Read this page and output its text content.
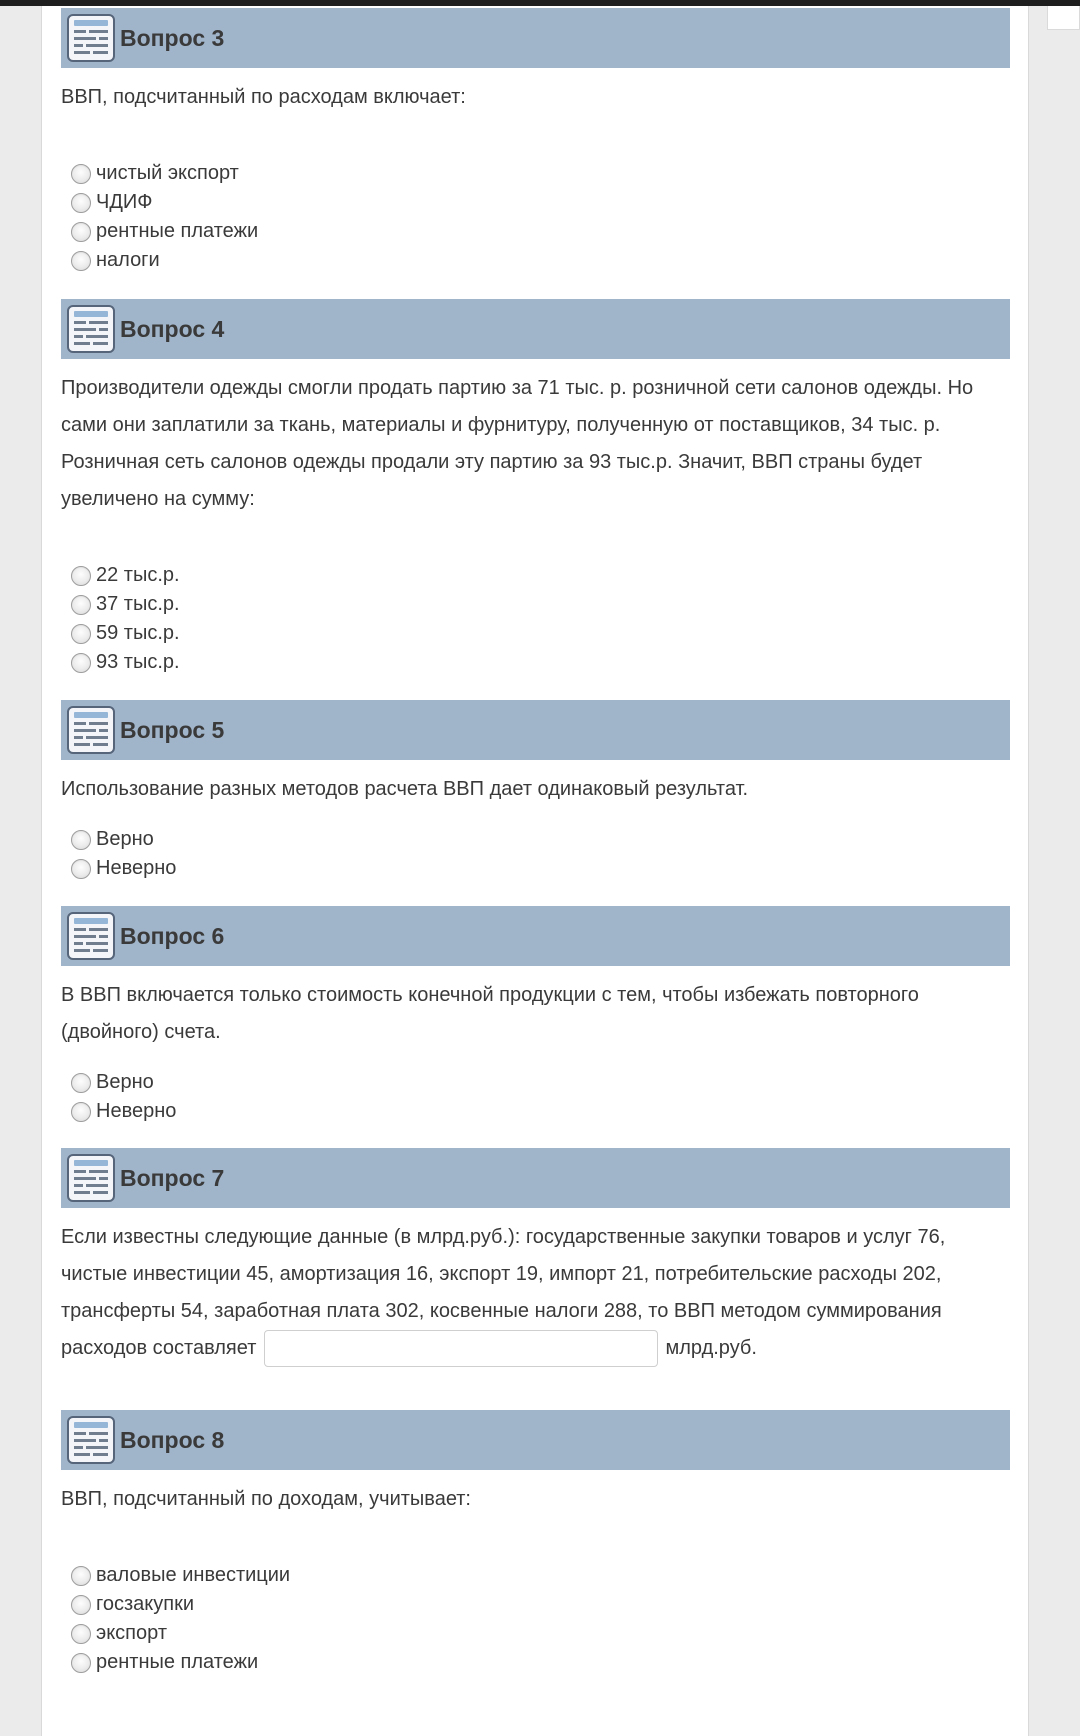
Вопрос 3
ВВП, подсчитанный по расходам включает:
чистый экспорт
ЧДИФ
рентные платежи
налоги
Вопрос 4
Производители одежды смогли продать партию за 71 тыс. р. розничной сети салонов одежды. Но сами они заплатили за ткань, материалы и фурнитуру, полученную от поставщиков, 34 тыс. р. Розничная сеть салонов одежды продали эту партию за 93 тыс.р. Значит, ВВП страны будет увеличено на сумму:
22 тыс.р.
37 тыс.р.
59 тыс.р.
93 тыс.р.
Вопрос 5
Использование разных методов расчета ВВП дает одинаковый результат.
Верно
Неверно
Вопрос 6
В ВВП включается только стоимость конечной продукции с тем, чтобы избежать повторного (двойного) счета.
Верно
Неверно
Вопрос 7
Если известны следующие данные (в млрд.руб.): государственные закупки товаров и услуг 76, чистые инвестиции 45, амортизация 16, экспорт 19, импорт 21, потребительские расходы 202, трансферты 54, заработная плата 302, косвенные налоги 288, то ВВП методом суммирования расходов составляет	млрд.руб.
Вопрос 8
ВВП, подсчитанный по доходам, учитывает:
валовые инвестиции
госзакупки
экспорт
рентные платежи
